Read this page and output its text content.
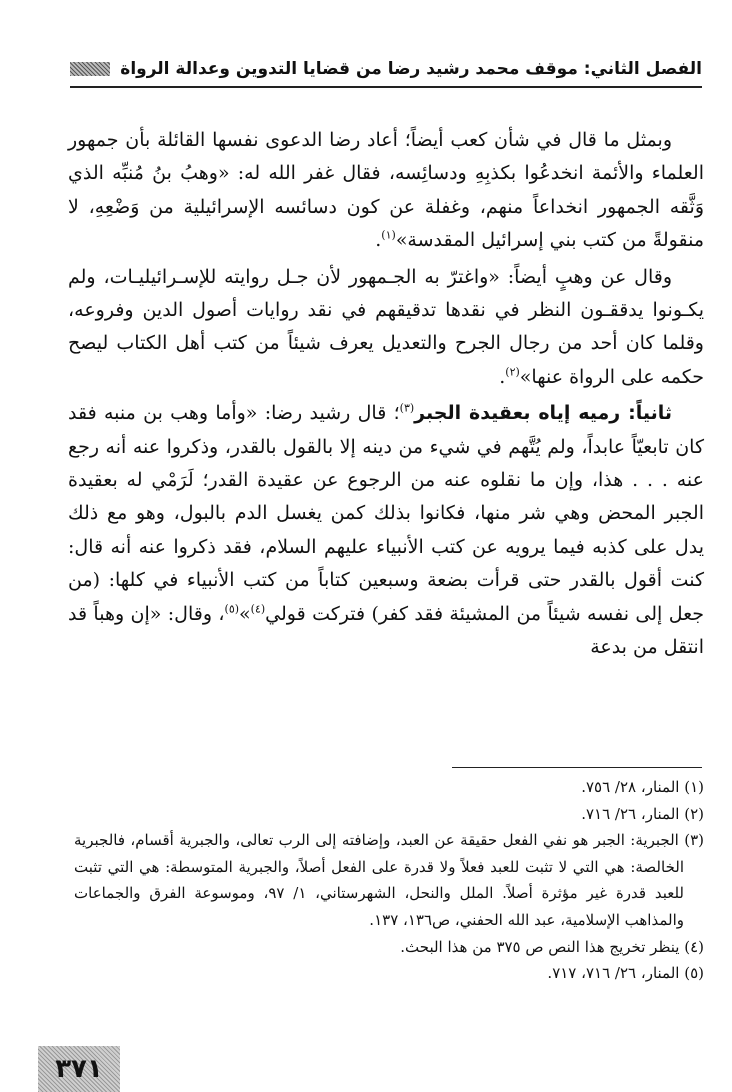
الفصل الثاني: موقف محمد رشيد رضا من قضايا التدوين وعدالة الرواة

وبمثل ما قال في شأن كعب أيضاً؛ أعاد رضا الدعوى نفسها القائلة بأن جمهور العلماء والأئمة انخدعُوا بكذبِهِ ودسائِسه، فقال غفر الله له: «وهبُ بنُ مُنبِّه الذي وَثَّقه الجمهور انخداعاً منهم، وغفلة عن كون دسائسه الإسرائيلية من وَضْعِهِ، لا منقولةً من كتب بني إسرائيل المقدسة»$^{(١)}$.

وقال عن وهبٍ أيضاً: «واغترّ به الجـمهور لأن جـل روايته للإسـرائيليـات، ولم يكـونوا يدققـون النظر في نقدها تدقيقهم في نقد روايات أصول الدين وفروعه، وقلما كان أحد من رجال الجرح والتعديل يعرف شيئاً من كتب أهل الكتاب ليصح حكمه على الرواة عنها»$^{(٢)}$.

ثانياً: رميه إياه بعقيدة الجبر$^{(٣)}$؛ قال رشيد رضا: «وأما وهب بن منبه فقد كان تابعيّاً عابداً، ولم يُتَّهم في شيء من دينه إلا بالقول بالقدر، وذكروا عنه أنه رجع عنه . . . هذا، وإن ما نقلوه عنه من الرجوع عن عقيدة القدر؛ لَرَمْي له بعقيدة الجبر المحض وهي شر منها، فكانوا بذلك كمن يغسل الدم بالبول، وهو مع ذلك يدل على كذبه فيما يرويه عن كتب الأنبياء عليهم السلام، فقد ذكروا عنه أنه قال: كنت أقول بالقدر حتى قرأت بضعة وسبعين كتاباً من كتب الأنبياء في كلها: (من جعل إلى نفسه شيئاً من المشيئة فقد كفر) فتركت قولي$^{(٤)}$»$^{(٥)}$، وقال: «إن وهباً قد انتقل من بدعة

(١) المنار، ٢٨/ ٧٥٦.

(٢) المنار، ٢٦/ ٧١٦.

(٣) الجبرية: الجبر هو نفي الفعل حقيقة عن العبد، وإضافته إلى الرب تعالى، والجبرية أقسام، فالجبرية الخالصة: هي التي لا تثبت للعبد فعلاً ولا قدرة على الفعل أصلاً، والجبرية المتوسطة: هي التي تثبت للعبد قدرة غير مؤثرة أصلاً. الملل والنحل، الشهرستاني، ١/ ٩٧، وموسوعة الفرق والجماعات والمذاهب الإسلامية، عبد الله الحفني، ص١٣٦، ١٣٧.

(٤) ينظر تخريج هذا النص ص ٣٧٥ من هذا البحث.

(٥) المنار، ٢٦/ ٧١٦، ٧١٧.

٣٧١
